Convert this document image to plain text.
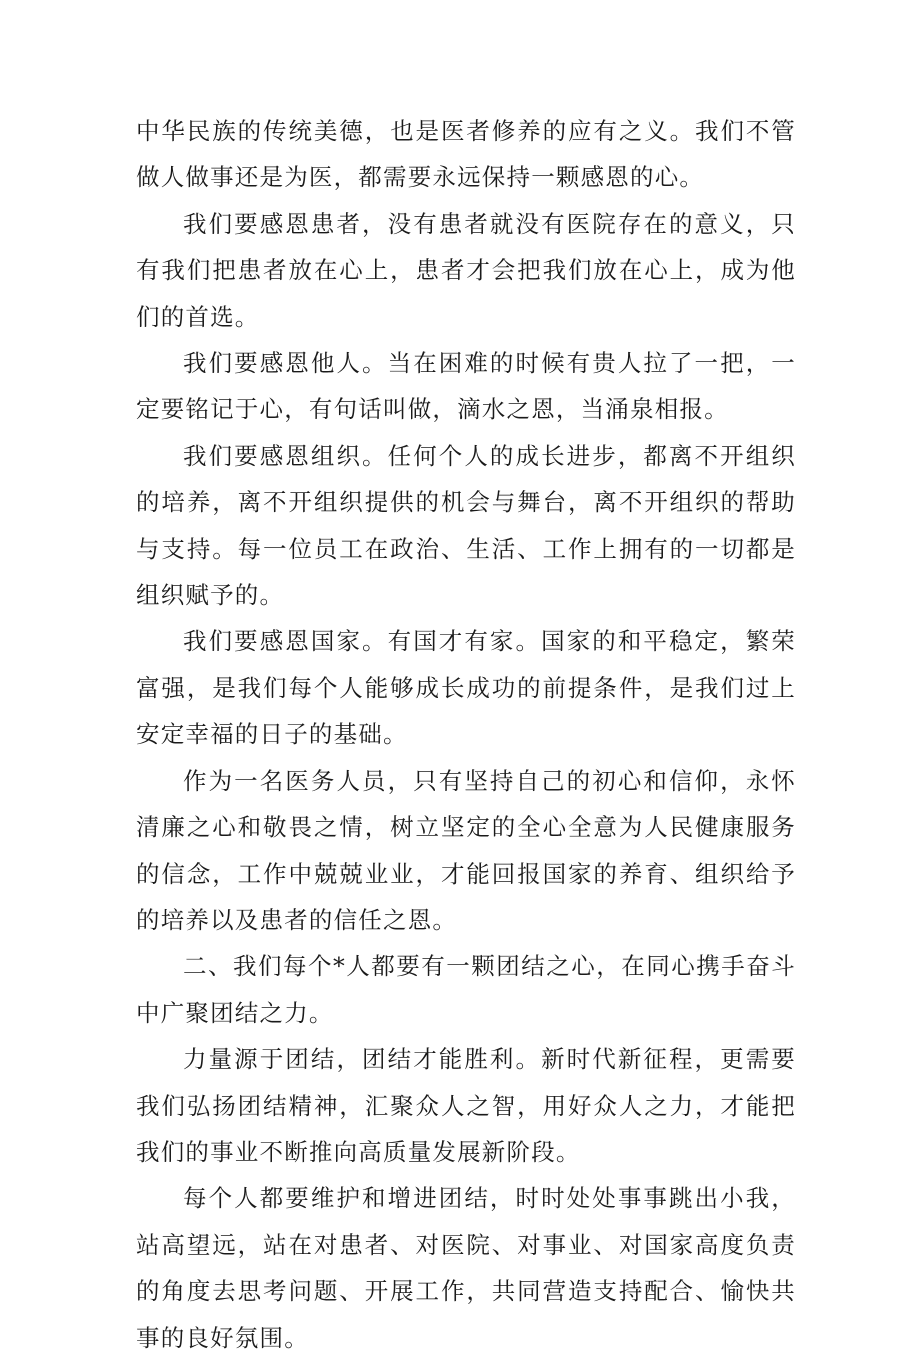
中华民族的传统美德，也是医者修养的应有之义。我们不管做人做事还是为医，都需要永远保持一颗感恩的心。

我们要感恩患者，没有患者就没有医院存在的意义，只有我们把患者放在心上，患者才会把我们放在心上，成为他们的首选。

我们要感恩他人。当在困难的时候有贵人拉了一把，一定要铭记于心，有句话叫做，滴水之恩，当涌泉相报。

我们要感恩组织。任何个人的成长进步，都离不开组织的培养，离不开组织提供的机会与舞台，离不开组织的帮助与支持。每一位员工在政治、生活、工作上拥有的一切都是组织赋予的。

我们要感恩国家。有国才有家。国家的和平稳定，繁荣富强，是我们每个人能够成长成功的前提条件，是我们过上安定幸福的日子的基础。

作为一名医务人员，只有坚持自己的初心和信仰，永怀清廉之心和敬畏之情，树立坚定的全心全意为人民健康服务的信念，工作中兢兢业业，才能回报国家的养育、组织给予的培养以及患者的信任之恩。

二、我们每个*人都要有一颗团结之心，在同心携手奋斗中广聚团结之力。

力量源于团结，团结才能胜利。新时代新征程，更需要我们弘扬团结精神，汇聚众人之智，用好众人之力，才能把我们的事业不断推向高质量发展新阶段。

每个人都要维护和增进团结，时时处处事事跳出小我，站高望远，站在对患者、对医院、对事业、对国家高度负责的角度去思考问题、开展工作，共同营造支持配合、愉快共事的良好氛围。
